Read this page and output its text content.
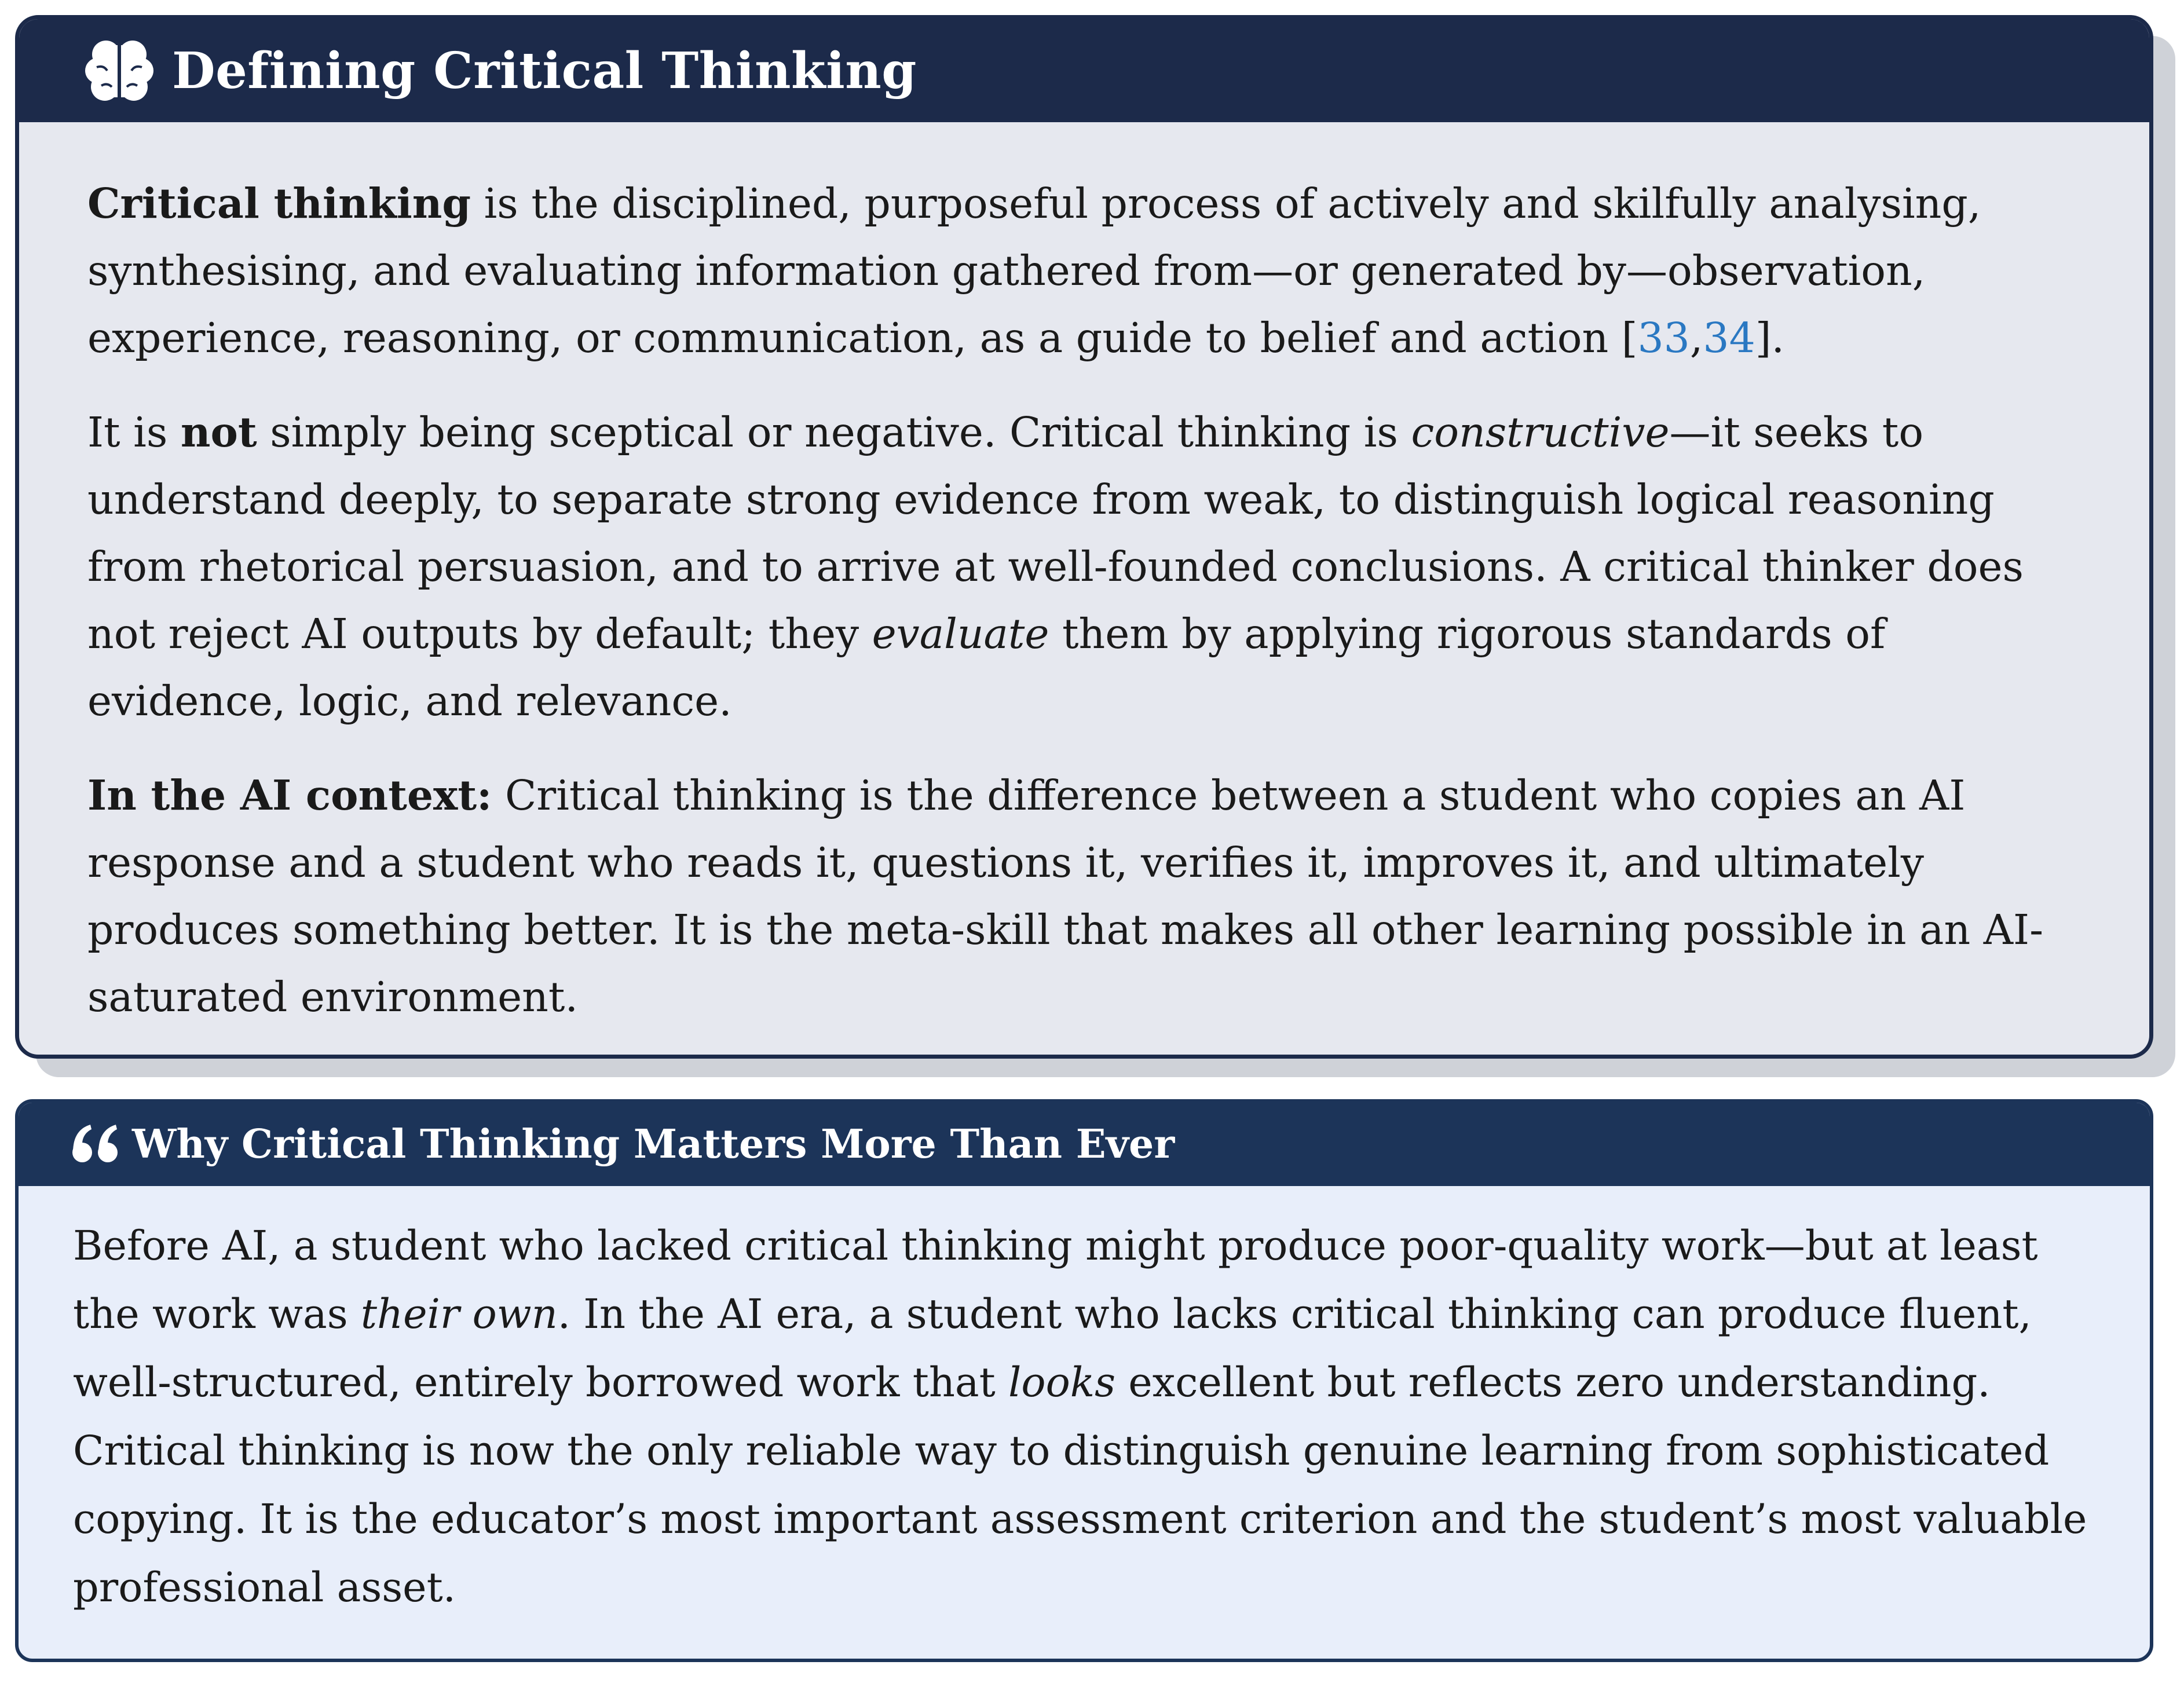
Defining Critical Thinking

Critical thinking is the disciplined, purposeful process of actively and skilfully analysing, synthesising, and evaluating information gathered from—or generated by—observation, experience, reasoning, or communication, as a guide to belief and action [33,34].

It is not simply being sceptical or negative. Critical thinking is constructive—it seeks to understand deeply, to separate strong evidence from weak, to distinguish logical reasoning from rhetorical persuasion, and to arrive at well-founded conclusions. A critical thinker does not reject AI outputs by default; they evaluate them by applying rigorous standards of evidence, logic, and relevance.

In the AI context: Critical thinking is the difference between a student who copies an AI response and a student who reads it, questions it, verifies it, improves it, and ultimately produces something better. It is the meta-skill that makes all other learning possible in an AI-saturated environment.

Why Critical Thinking Matters More Than Ever

Before AI, a student who lacked critical thinking might produce poor-quality work—but at least the work was their own. In the AI era, a student who lacks critical thinking can produce fluent, well-structured, entirely borrowed work that looks excellent but reflects zero understanding. Critical thinking is now the only reliable way to distinguish genuine learning from sophisticated copying. It is the educator’s most important assessment criterion and the student’s most valuable professional asset.
